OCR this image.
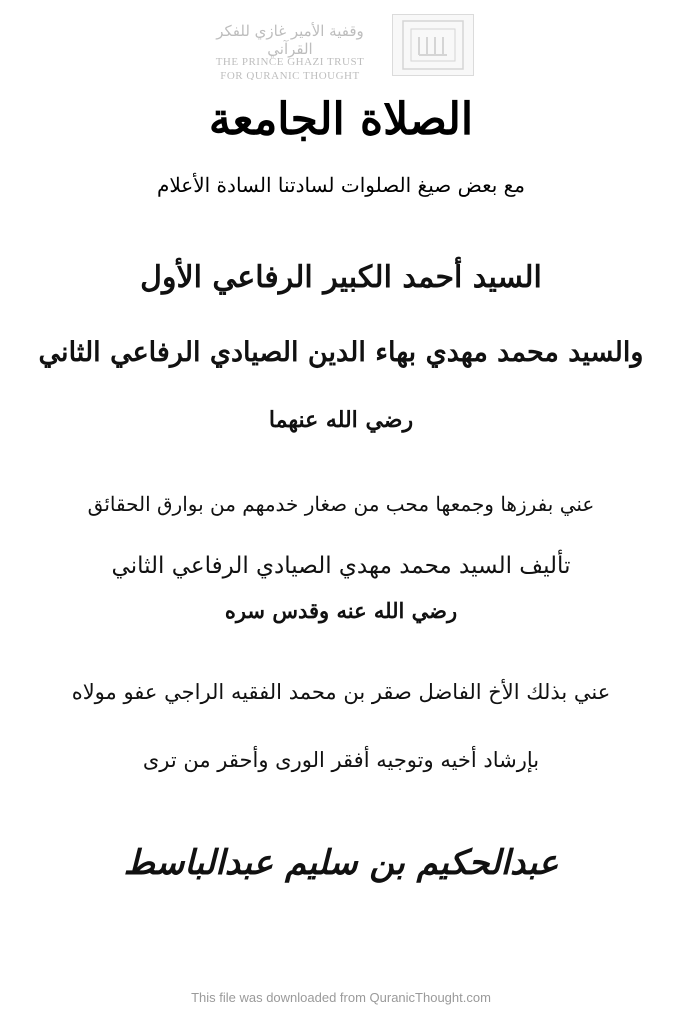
وقفية الأمير غازي للفكر القرآني
THE PRINCE GHAZI TRUST
FOR QURANIC THOUGHT
الصلاة الجامعة
مع بعض صيغ الصلوات لسادتنا السادة الأعلام
السيد أحمد الكبير الرفاعي الأول
والسيد محمد مهدي بهاء الدين الصيادي الرفاعي الثاني
رضي الله عنهما
عني بفرزها وجمعها محب من صغار خدمهم من بوارق الحقائق
تأليف السيد محمد مهدي الصيادي الرفاعي الثاني
رضي الله عنه وقدس سره
عني بذلك الأخ الفاضل صقر بن محمد الفقيه الراجي عفو مولاه
بإرشاد أخيه وتوجيه أفقر الورى وأحقر من ترى
عبدالحكيم بن سليم عبدالباسط
This file was downloaded from QuranicThought.com
